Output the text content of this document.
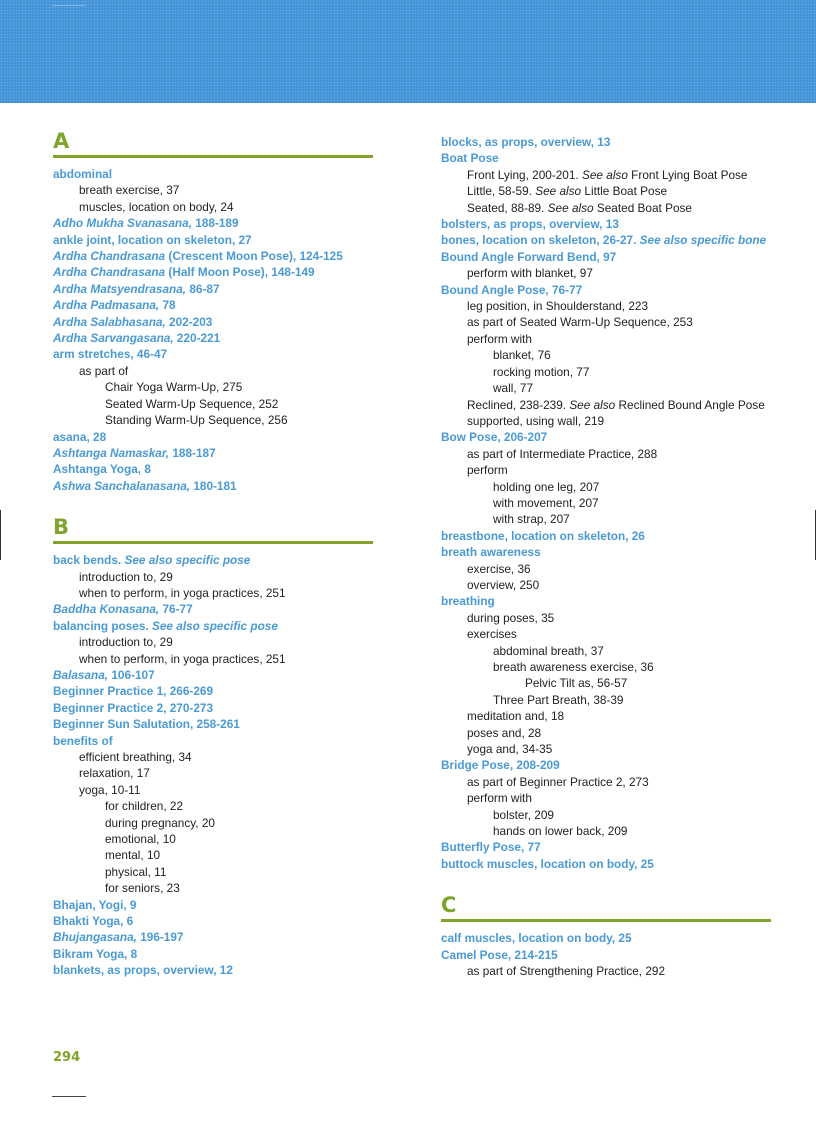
A
abdominal
breath exercise, 37
muscles, location on body, 24
Adho Mukha Svanasana, 188-189
ankle joint, location on skeleton, 27
Ardha Chandrasana (Crescent Moon Pose), 124-125
Ardha Chandrasana (Half Moon Pose), 148-149
Ardha Matsyendrasana, 86-87
Ardha Padmasana, 78
Ardha Salabhasana, 202-203
Ardha Sarvangasana, 220-221
arm stretches, 46-47
as part of
Chair Yoga Warm-Up, 275
Seated Warm-Up Sequence, 252
Standing Warm-Up Sequence, 256
asana, 28
Ashtanga Namaskar, 188-187
Ashtanga Yoga, 8
Ashwa Sanchalanasana, 180-181
B
back bends. See also specific pose
introduction to, 29
when to perform, in yoga practices, 251
Baddha Konasana, 76-77
balancing poses. See also specific pose
introduction to, 29
when to perform, in yoga practices, 251
Balasana, 106-107
Beginner Practice 1, 266-269
Beginner Practice 2, 270-273
Beginner Sun Salutation, 258-261
benefits of
efficient breathing, 34
relaxation, 17
yoga, 10-11
for children, 22
during pregnancy, 20
emotional, 10
mental, 10
physical, 11
for seniors, 23
Bhajan, Yogi, 9
Bhakti Yoga, 6
Bhujangasana, 196-197
Bikram Yoga, 8
blankets, as props, overview, 12
blocks, as props, overview, 13
Boat Pose
Front Lying, 200-201. See also Front Lying Boat Pose
Little, 58-59. See also Little Boat Pose
Seated, 88-89. See also Seated Boat Pose
bolsters, as props, overview, 13
bones, location on skeleton, 26-27. See also specific bone
Bound Angle Forward Bend, 97
perform with blanket, 97
Bound Angle Pose, 76-77
leg position, in Shoulderstand, 223
as part of Seated Warm-Up Sequence, 253
perform with
blanket, 76
rocking motion, 77
wall, 77
Reclined, 238-239. See also Reclined Bound Angle Pose
supported, using wall, 219
Bow Pose, 206-207
as part of Intermediate Practice, 288
perform
holding one leg, 207
with movement, 207
with strap, 207
breastbone, location on skeleton, 26
breath awareness
exercise, 36
overview, 250
breathing
during poses, 35
exercises
abdominal breath, 37
breath awareness exercise, 36
Pelvic Tilt as, 56-57
Three Part Breath, 38-39
meditation and, 18
poses and, 28
yoga and, 34-35
Bridge Pose, 208-209
as part of Beginner Practice 2, 273
perform with
bolster, 209
hands on lower back, 209
Butterfly Pose, 77
buttock muscles, location on body, 25
C
calf muscles, location on body, 25
Camel Pose, 214-215
as part of Strengthening Practice, 292
294
